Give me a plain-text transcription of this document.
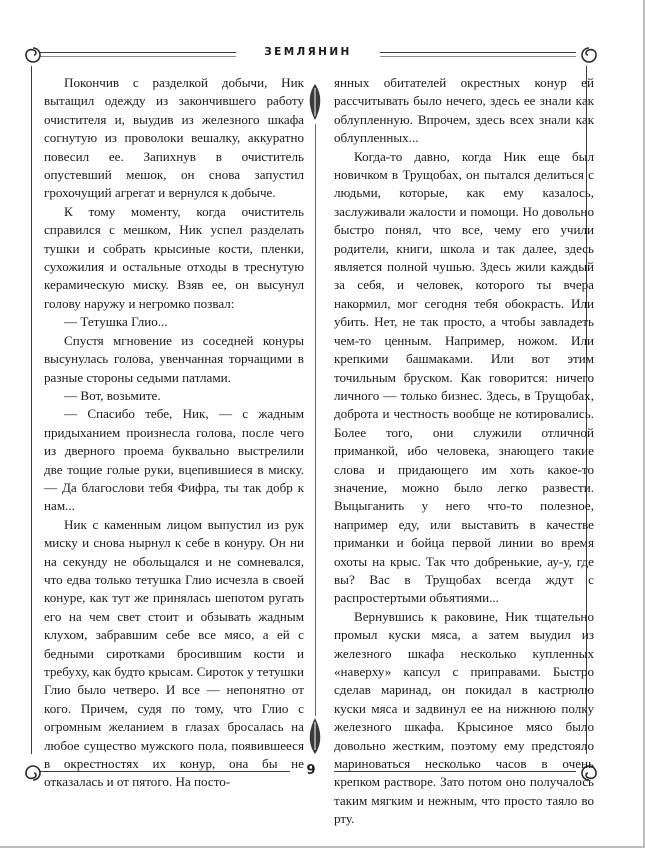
ЗЕМЛЯНИН
9

Покончив с разделкой добычи, Ник вытащил одежду из закончившего работу очистителя и, выудив из железного шкафа согнутую из проволоки вешалку, аккуратно повесил ее. Запихнув в очиститель опустевший мешок, он снова запустил грохочущий агрегат и вернулся к добыче.

К тому моменту, когда очиститель справился с мешком, Ник успел разделать тушки и собрать крысиные кости, пленки, сухожилия и остальные отходы в треснутую керамическую миску. Взяв ее, он высунул голову наружу и негромко позвал:

— Тетушка Глио...

Спустя мгновение из соседней конуры высунулась голова, увенчанная торчащими в разные стороны седыми патлами.

— Вот, возьмите.

— Спасибо тебе, Ник, — с жадным придыханием произнесла голова, после чего из дверного проема буквально выстрелили две тощие голые руки, вцепившиеся в миску. — Да благослови тебя Фифра, ты так добр к нам...

Ник с каменным лицом выпустил из рук миску и снова нырнул к себе в конуру. Он ни на секунду не обольщался и не сомневался, что едва только тетушка Глио исчезла в своей конуре, как тут же принялась шепотом ругать его на чем свет стоит и обзывать жадным клухом, забравшим себе все мясо, а ей с бедными сиротками бросившим кости и требуху, как будто крысам. Сироток у тетушки Глио было четверо. И все — непонятно от кого. Причем, судя по тому, что Глио с огромным желанием в глазах бросалась на любое существо мужского пола, появившееся в окрестностях их конур, она бы не отказалась и от пятого. На посто-

янных обитателей окрестных конур ей рассчитывать было нечего, здесь ее знали как облупленную. Впрочем, здесь всех знали как облупленных...

Когда-то давно, когда Ник еще был новичком в Трущобах, он пытался делиться с людьми, которые, как ему казалось, заслуживали жалости и помощи. Но довольно быстро понял, что все, чему его учили родители, книги, школа и так далее, здесь является полной чушью. Здесь жили каждый за себя, и человек, которого ты вчера накормил, мог сегодня тебя обокрасть. Или убить. Нет, не так просто, а чтобы завладеть чем-то ценным. Например, ножом. Или крепкими башмаками. Или вот этим точильным бруском. Как говорится: ничего личного — только бизнес. Здесь, в Трущобах, доброта и честность вообще не котировались. Более того, они служили отличной приманкой, ибо человека, знающего такие слова и придающего им хоть какое-то значение, можно было легко развести. Выцыганить у него что-то полезное, например еду, или выставить в качестве приманки и бойца первой линии во время охоты на крыс. Так что добренькие, ау-у, где вы? Вас в Трущобах всегда ждут с распростертыми объятиями...

Вернувшись к раковине, Ник тщательно промыл куски мяса, а затем выудил из железного шкафа несколько купленных «наверху» капсул с приправами. Быстро сделав маринад, он покидал в кастрюлю куски мяса и задвинул ее на нижнюю полку железного шкафа. Крысиное мясо было довольно жестким, поэтому ему предстояло мариноваться несколько часов в очень крепком растворе. Зато потом оно получалось таким мягким и нежным, что просто таяло во рту.
